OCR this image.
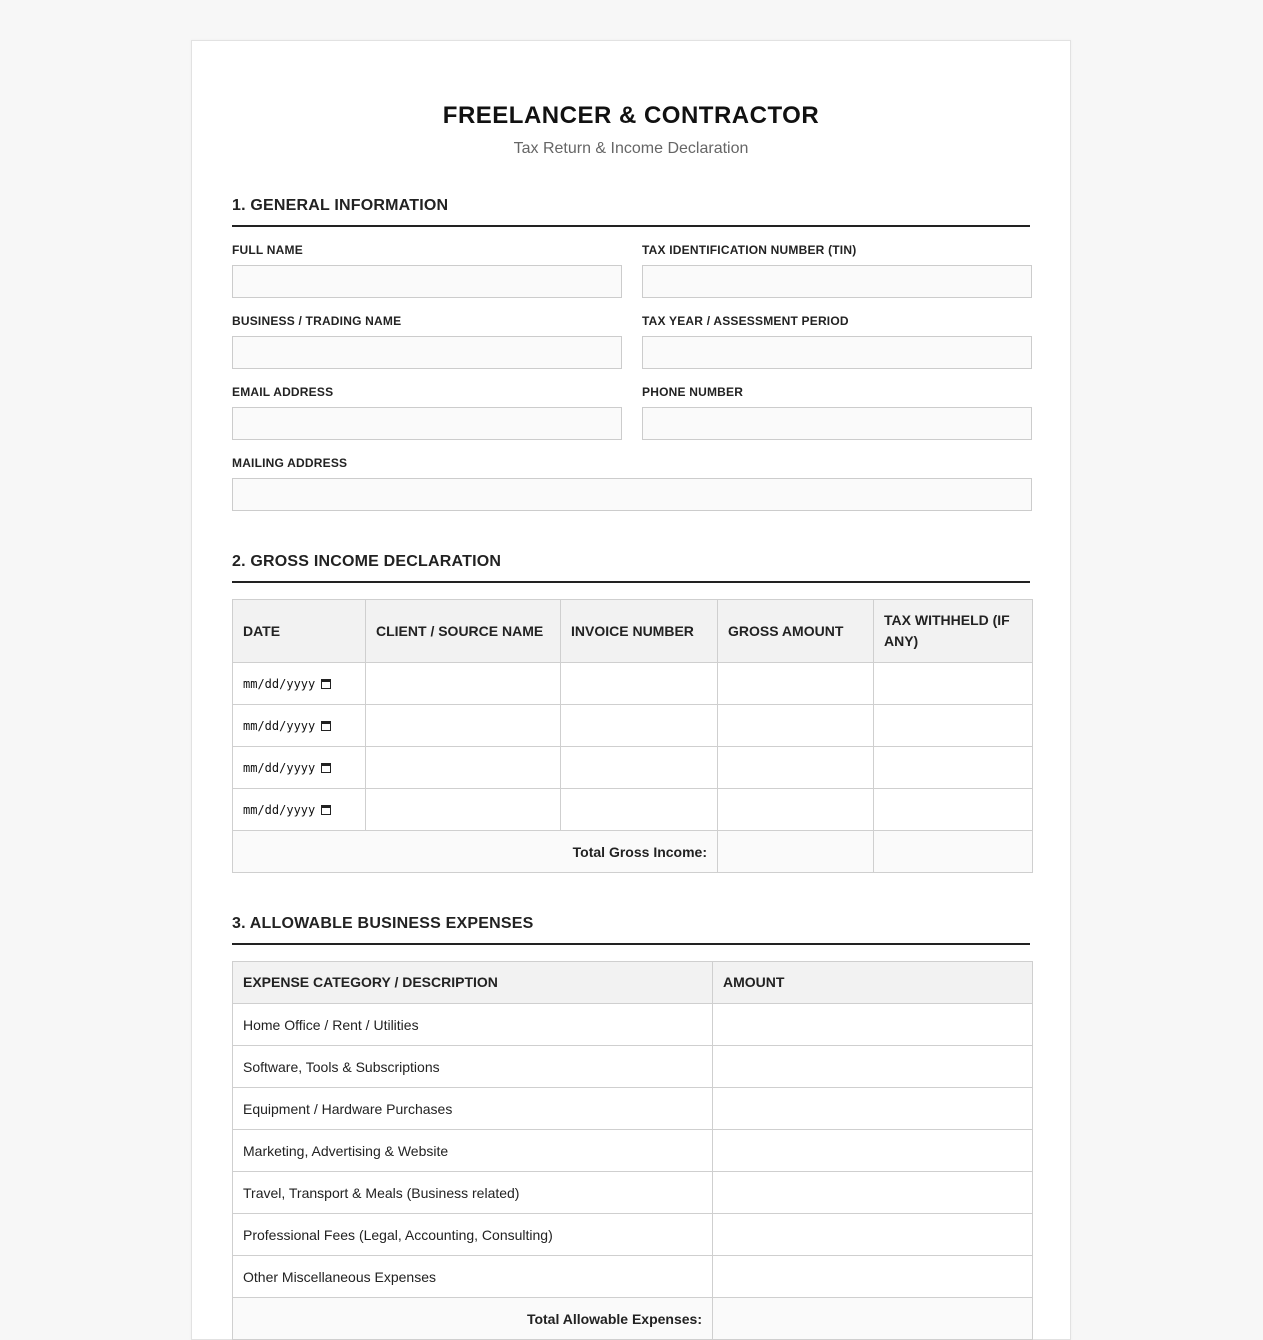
FREELANCER & CONTRACTOR
Tax Return & Income Declaration
1. GENERAL INFORMATION
FULL NAME	TAX IDENTIFICATION NUMBER (TIN)
BUSINESS / TRADING NAME	TAX YEAR / ASSESSMENT PERIOD
EMAIL ADDRESS	PHONE NUMBER
MAILING ADDRESS
2. GROSS INCOME DECLARATION
DATE	CLIENT / SOURCE NAME	INVOICE NUMBER	GROSS AMOUNT	TAX WITHHELD (IF ANY)
mm/dd/yyyy				
mm/dd/yyyy				
mm/dd/yyyy				
mm/dd/yyyy				
Total Gross Income:				
3. ALLOWABLE BUSINESS EXPENSES
EXPENSE CATEGORY / DESCRIPTION	AMOUNT
Home Office / Rent / Utilities	
Software, Tools & Subscriptions	
Equipment / Hardware Purchases	
Marketing, Advertising & Website	
Travel, Transport & Meals (Business related)	
Professional Fees (Legal, Accounting, Consulting)	
Other Miscellaneous Expenses	
Total Allowable Expenses:	
